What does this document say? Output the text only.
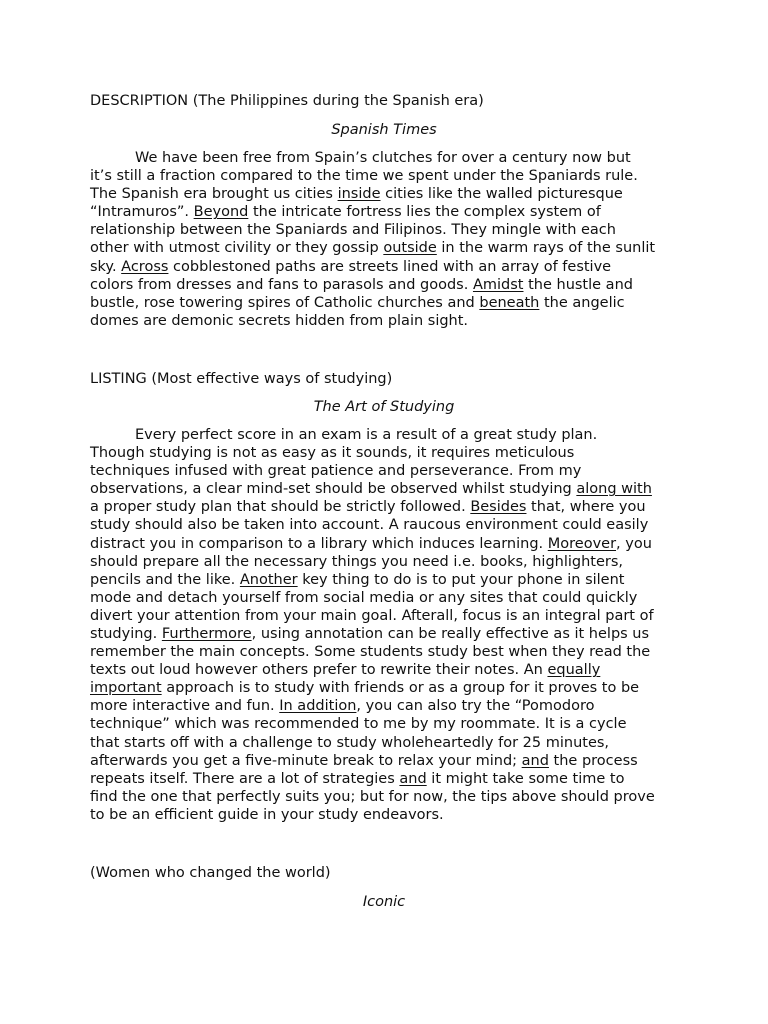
DESCRIPTION (The Philippines during the Spanish era)

Spanish Times

We have been free from Spain’s clutches for over a century now but
it’s still a fraction compared to the time we spent under the Spaniards rule.
The Spanish era brought us cities inside cities like the walled picturesque
“Intramuros”. Beyond the intricate fortress lies the complex system of
relationship between the Spaniards and Filipinos. They mingle with each
other with utmost civility or they gossip outside in the warm rays of the sunlit
sky. Across cobblestoned paths are streets lined with an array of festive
colors from dresses and fans to parasols and goods. Amidst the hustle and
bustle, rose towering spires of Catholic churches and beneath the angelic
domes are demonic secrets hidden from plain sight.

LISTING (Most effective ways of studying)

The Art of Studying

Every perfect score in an exam is a result of a great study plan.
Though studying is not as easy as it sounds, it requires meticulous
techniques infused with great patience and perseverance. From my
observations, a clear mind-set should be observed whilst studying along with
a proper study plan that should be strictly followed. Besides that, where you
study should also be taken into account. A raucous environment could easily
distract you in comparison to a library which induces learning. Moreover, you
should prepare all the necessary things you need i.e. books, highlighters,
pencils and the like. Another key thing to do is to put your phone in silent
mode and detach yourself from social media or any sites that could quickly
divert your attention from your main goal. Afterall, focus is an integral part of
studying. Furthermore, using annotation can be really effective as it helps us
remember the main concepts. Some students study best when they read the
texts out loud however others prefer to rewrite their notes. An equally
important approach is to study with friends or as a group for it proves to be
more interactive and fun. In addition, you can also try the “Pomodoro
technique” which was recommended to me by my roommate. It is a cycle
that starts off with a challenge to study wholeheartedly for 25 minutes,
afterwards you get a five-minute break to relax your mind; and the process
repeats itself. There are a lot of strategies and it might take some time to
find the one that perfectly suits you; but for now, the tips above should prove
to be an efficient guide in your study endeavors.

(Women who changed the world)

Iconic
